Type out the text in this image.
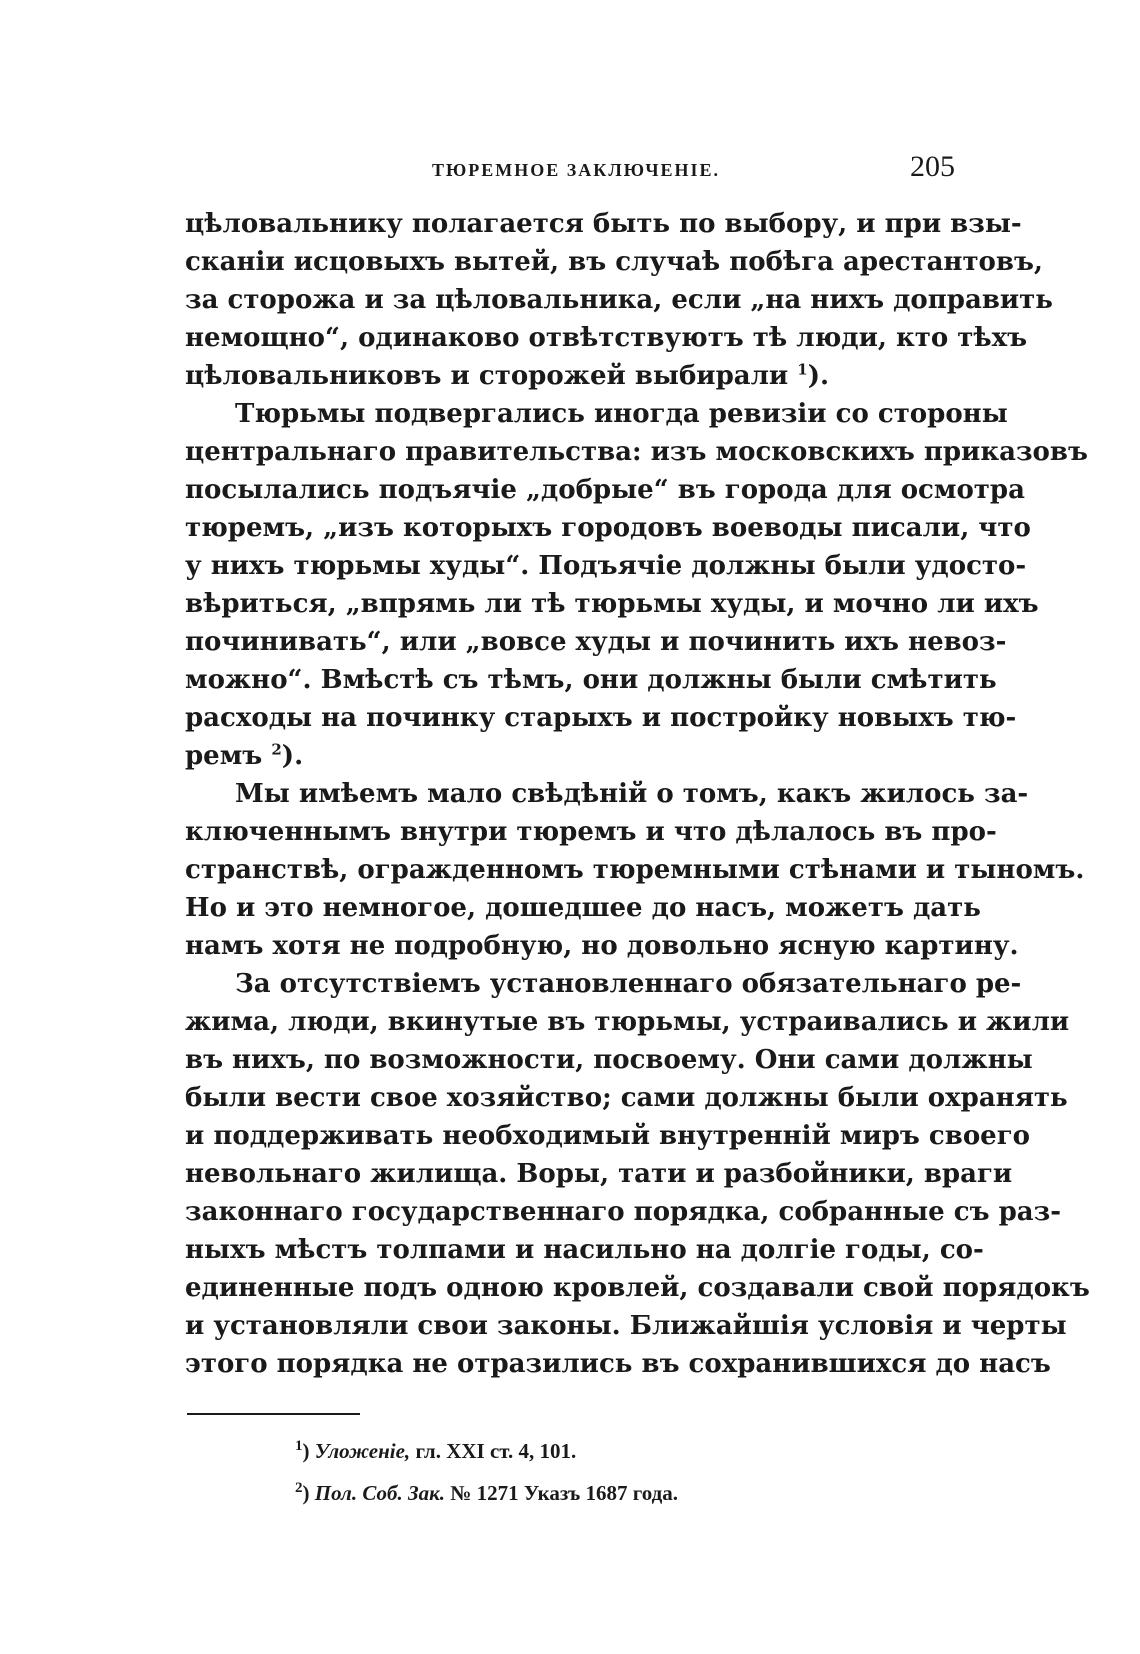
ТЮРЕМНОЕ ЗАКЛЮЧЕНІЕ.	205

цѣловальнику полагается быть по выбору, и при взы-
сканіи исцовыхъ вытей, въ случаѣ побѣга арестантовъ,
за сторожа и за цѣловальника, если „на нихъ доправить
немощно“, одинаково отвѣтствуютъ тѣ люди, кто тѣхъ
цѣловальниковъ и сторожей выбирали $^1$).

Тюрьмы подвергались иногда ревизіи со стороны
центральнаго правительства: изъ московскихъ приказовъ
посылались подъячіе „добрые“ въ города для осмотра
тюремъ, „изъ которыхъ городовъ воеводы писали, что
у нихъ тюрьмы худы“. Подъячіе должны были удосто-
вѣриться, „впрямь ли тѣ тюрьмы худы, и мочно ли ихъ
починивать“, или „вовсе худы и починить ихъ невоз-
можно“. Вмѣстѣ съ тѣмъ, они должны были смѣтить
расходы на починку старыхъ и постройку новыхъ тю-
ремъ $^2$).

Мы имѣемъ мало свѣдѣній о томъ, какъ жилось за-
ключеннымъ внутри тюремъ и что дѣлалось въ про-
странствѣ, огражденномъ тюремными стѣнами и тыномъ.
Но и это немногое, дошедшее до насъ, можетъ дать
намъ хотя не подробную, но довольно ясную картину.

За отсутствіемъ установленнаго обязательнаго ре-
жима, люди, вкинутые въ тюрьмы, устраивались и жили
въ нихъ, по возможности, посвоему. Они сами должны
были вести свое хозяйство; сами должны были охранять
и поддерживать необходимый внутренній миръ своего
невольнаго жилища. Воры, тати и разбойники, враги
законнаго государственнаго порядка, собранные съ раз-
ныхъ мѣстъ толпами и насильно на долгіе годы, со-
единенные подъ одною кровлей, создавали свой порядокъ
и установляли свои законы. Ближайшія условія и черты
этого порядка не отразились въ сохранившихся до насъ

$^1$) Уложеніе, гл. XXI ст. 4, 101.
$^2$) Пол. Соб. Зак. № 1271 Указъ 1687 года.
